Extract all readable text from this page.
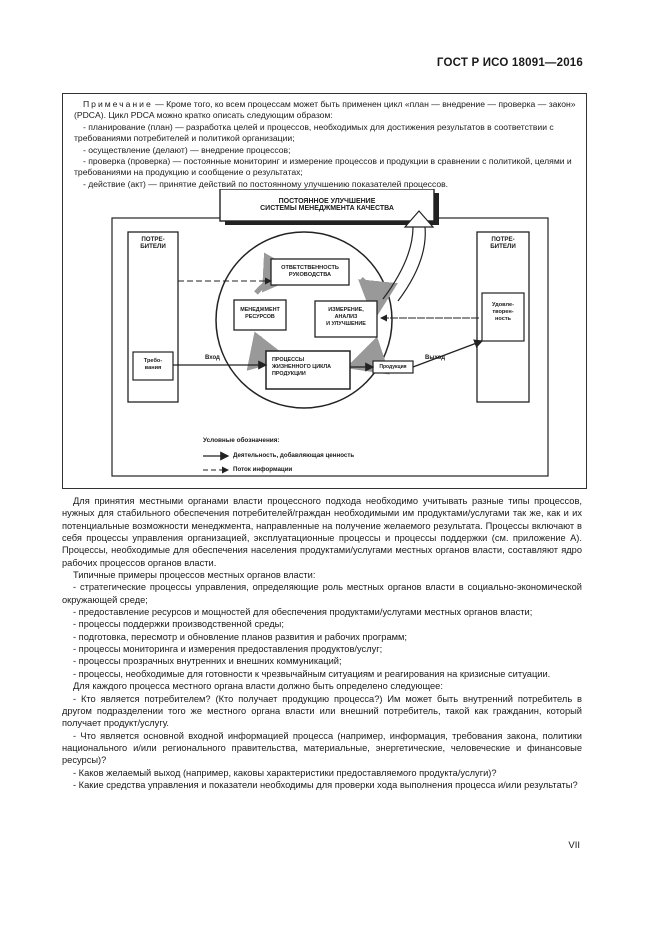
ГОСТ Р ИСО 18091—2016

Примечание — Кроме того, ко всем процессам может быть применен цикл «план — внедрение — проверка — закон» (PDCA). Цикл PDCA можно кратко описать следующим образом:

- планирование (план) — разработка целей и процессов, необходимых для достижения результатов в соответствии с требованиями потребителей и политикой организации;

- осуществление (делают) — внедрение процессов;

- проверка (проверка) — постоянные мониторинг и измерение процессов и продукции в сравнении с политикой, целями и требованиями на продукцию и сообщение о результатах;

- действие (акт) — принятие действий по постоянному улучшению показателей процессов.

ПОСТОЯННОЕ УЛУЧШЕНИЕ
СИСТЕМЫ МЕНЕДЖМЕНТА КАЧЕСТВА
ПОТРЕ-
БИТЕЛИ
ПОТРЕ-
БИТЕЛИ
Требо-
вания
Удовле-
творен-
ность
ОТВЕТСТВЕННОСТЬ
РУКОВОДСТВА
МЕНЕДЖМЕНТ
РЕСУРСОВ
ИЗМЕРЕНИЕ,
АНАЛИЗ
И УЛУЧШЕНИЕ
ПРОЦЕССЫ
ЖИЗНЕННОГО ЦИКЛА
ПРОДУКЦИИ
Продукция
Вход	Выход
Условные обозначения:
Деятельность, добавляющая ценность
Поток информации

Для принятия местными органами власти процессного подхода необходимо учитывать разные типы процессов, нужных для стабильного обеспечения потребителей/граждан необходимыми им продуктами/услугами так же, как и их потенциальные возможности менеджмента, направленные на получение желаемого результата. Процессы включают в себя процессы управления организацией, эксплуатационные процессы и процессы поддержки (см. приложение А). Процессы, необходимые для обеспечения населения продуктами/услугами местных органов власти, составляют ядро рабочих процессов органов власти.

Типичные примеры процессов местных органов власти:

- стратегические процессы управления, определяющие роль местных органов власти в социально-экономической окружающей среде;

- предоставление ресурсов и мощностей для обеспечения продуктами/услугами местных органов власти;

- процессы поддержки производственной среды;

- подготовка, пересмотр и обновление планов развития и рабочих программ;

- процессы мониторинга и измерения предоставления продуктов/услуг;

- процессы прозрачных внутренних и внешних коммуникаций;

- процессы, необходимые для готовности к чрезвычайным ситуациям и реагирования на кризисные ситуации.

Для каждого процесса местного органа власти должно быть определено следующее:

- Кто является потребителем? (Кто получает продукцию процесса?) Им может быть внутренний потребитель в другом подразделении того же местного органа власти или внешний потребитель, такой как гражданин, который получает продукт/услугу.

- Что является основной входной информацией процесса (например, информация, требования закона, политики национального и/или регионального правительства, материальные, энергетические, человеческие и финансовые ресурсы)?

- Каков желаемый выход (например, каковы характеристики предоставляемого продукта/услуги)?

- Какие средства управления и показатели необходимы для проверки хода выполнения процесса и/или результаты?

VII
